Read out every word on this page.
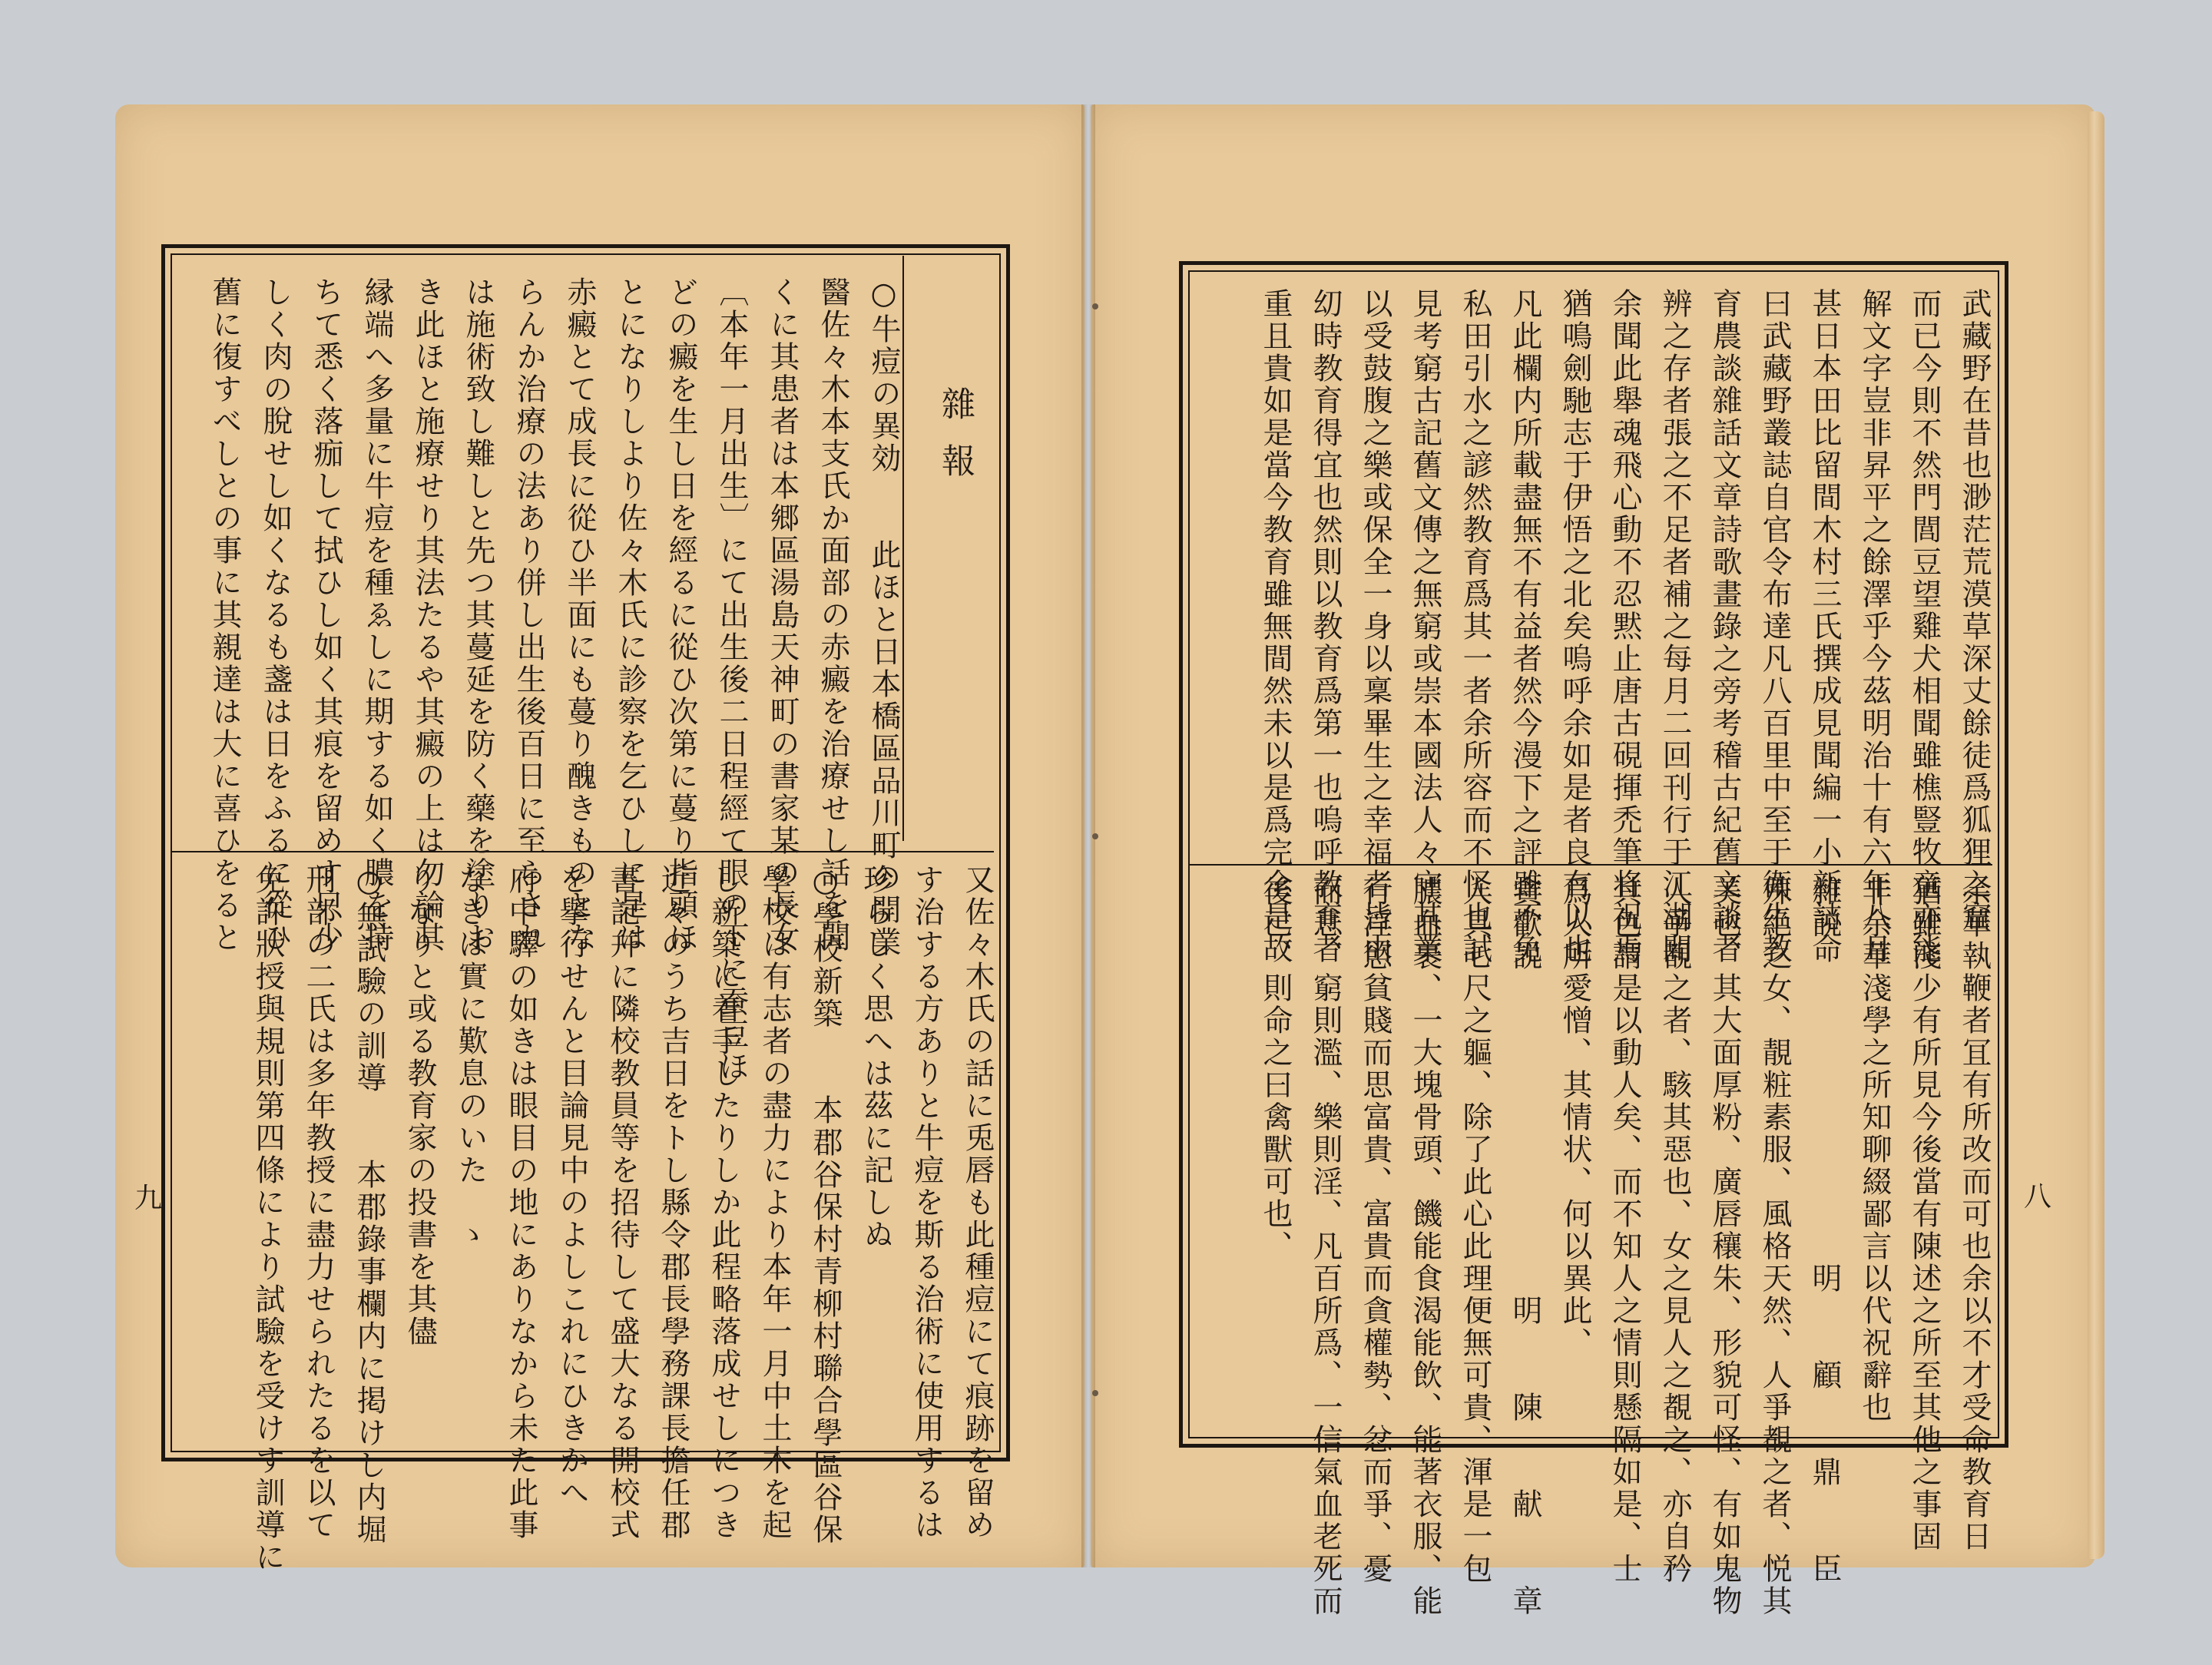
雜報
○牛痘の異効　　此ほと日本橋區品川町の開業
醫佐々木本支氏か面部の赤癜を治療せし話を聞
くに其患者は本郷區湯島天神町の書家某の長女
〔本年一月出生〕にて出生後二日程經て眼の下に蚕豆ほ
どの癜を生し日を經るに從ひ次第に蔓り指頭ほ
とになりしより佐々木氏に診察を乞ひしに是は
赤癜とて成長に從ひ半面にも蔓り醜きものとな
らんか治療の法あり併し出生後百日に至らされ
は施術致し難しと先つ其蔓延を防く藥を塗りお
き此ほと施療せり其法たるや其癜の上は勿論其
縁端へ多量に牛痘を種ゑしに期する如く膿を持
ちて悉く落痂して拭ひし如く其痕を留めす只少
しく肉の脫せし如くなるも盞は日をふるに從ひ
舊に復すべしとの事に其親達は大に喜ひをると
又佐々木氏の話に兎唇も此種痘にて痕跡を留め
す治する方ありと牛痘を斯る治術に使用するは
珍らしく思へは茲に記しぬ
○學校新築　　本郡谷保村青柳村聯合學區谷保
學校は有志者の盡力により本年一月中土木を起
し新築に着手したりしか此程略落成せしにつき
近々のうち吉日をトし縣令郡長學務課長擔任郡
書記幷に隣校教員等を招待して盛大なる開校式
を擧行せんと目論見中のよしこれにひきかへ
府中驛の如きは眼目の地にありなから未た此事
なきは實に歎息のいた　ゝ
りなりと或る教育家の投書を其儘
○無試驗の訓導　　本郡錄事欄内に掲けし内堀
刑部の二氏は多年教授に盡力せられたるを以て
免許狀授與規則第四條により試驗を受けす訓導に
九
武藏野在昔也渺茫荒漠草深丈餘徒爲狐狸之窟
而已今則不然門閭豆望雞犬相聞雖樵豎牧童亦能
解文字豈非昇平之餘澤乎今茲明治十有六年八月
甚日本田比留間木村三氏撰成見聞編一小新誌命
曰武藏野叢誌自官令布達凡八百里中至于衛生教
育農談雜話文章詩歌畫錄之旁考稽古紀舊文談者
辨之存者張之不足者補之每月二回刊行于江湖間
余聞此舉魂飛心動不忍黙止唐古硯揮禿筆将祝焉
猶鳴劍馳志于伊悟之北矣嗚呼余如是者良有以也
凡此欄内所載盡無不有益者然今漫下之評雖不免
私田引水之諺然教育爲其一者余所容而不怪也試
見考窮古記舊文傳之無窮或崇本國法人々守其業
以受鼓腹之樂或保全一身以稟畢生之幸福者皆由
㓜時教育得宜也然則以教育爲第一也嗚呼教育者
重且貴如是當今教育雖無間然未以是爲完全是故
余華執鞭者冝有所改而可也余以不才受命教育日
猶雖淺少有所見今後當有陳述之所至其他之事固
非余華淺學之所知聊綴鄙言以代祝辭也
雜説　　　　　　　　　　明　　顧　　鼎　　臣
殊絶之女、靚粧素服、風格天然、人爭覩之者、悦其
美也、其大面厚粉、廣唇穰朱、形貌可怪、有如鬼物
人爭覩之者、駭其惡也、女之見人之覩之、亦自矜
其色謂是以動人矣、而不知人之情則懸隔如是、士
爲人所愛憎、其情状、何以異此、
貪歡説　　　　　　　　　　明　　陳　　献　　章
人具七尺之軀、除了此心此理便無可貴、渾是一包
膿血裹、一大塊骨頭、饑能食渴能飲、能著衣服、能
行淫慾貧賤而思富貴、富貴而貪權勢、忿而爭、憂
而悲、窮則濫、樂則淫、凡百所爲、一信氣血老死而
後已、則命之曰禽獸可也、	八
